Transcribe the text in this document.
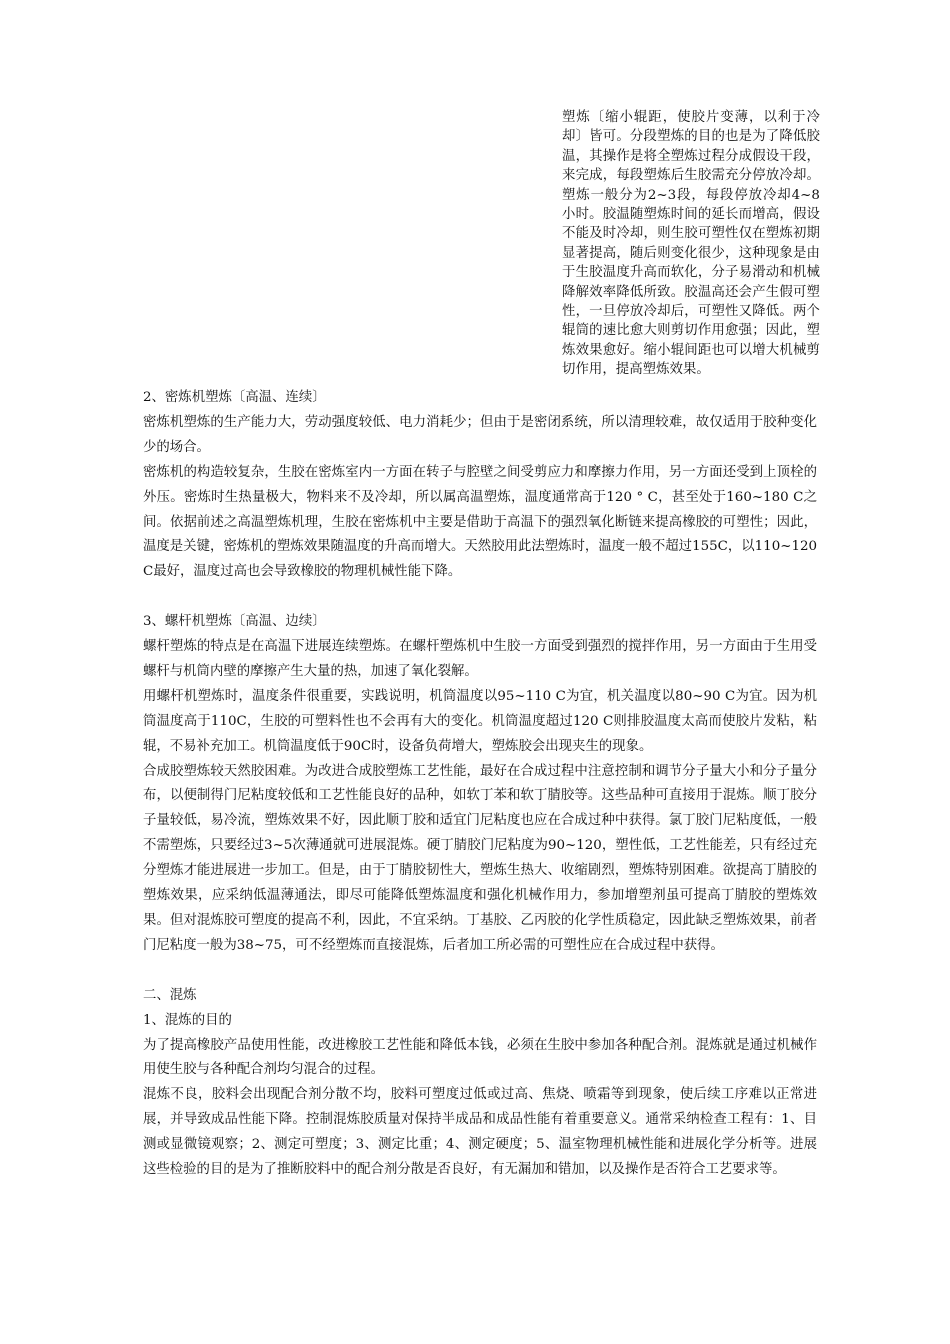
塑炼〔缩小辊距，使胶片变薄，以利于冷却〕皆可。分段塑炼的目的也是为了降低胶温，其操作是将全塑炼过程分成假设干段，来完成，每段塑炼后生胶需充分停放冷却。塑炼一般分为2~3段，每段停放冷却4~8小时。胶温随塑炼时间的延长而增高，假设不能及时冷却，则生胶可塑性仅在塑炼初期显著提高，随后则变化很少，这种现象是由于生胶温度升高而软化，分子易滑动和机械降解效率降低所致。胶温高还会产生假可塑性，一旦停放冷却后，可塑性又降低。两个辊筒的速比愈大则剪切作用愈强；因此，塑炼效果愈好。缩小辊间距也可以增大机械剪切作用，提高塑炼效果。

2、密炼机塑炼〔高温、连续〕

密炼机塑炼的生产能力大，劳动强度较低、电力消耗少；但由于是密闭系统，所以清理较难，故仅适用于胶种变化少的场合。

密炼机的构造较复杂，生胶在密炼室内一方面在转子与腔壁之间受剪应力和摩擦力作用，另一方面还受到上顶栓的外压。密炼时生热量极大，物料来不及冷却，所以属高温塑炼，温度通常高于120 ° C，甚至处于160~180 C之间。依据前述之高温塑炼机理，生胶在密炼机中主要是借助于高温下的强烈氧化断链来提高橡胶的可塑性；因此，温度是关键，密炼机的塑炼效果随温度的升高而增大。天然胶用此法塑炼时，温度一般不超过155C，以110~120 C最好，温度过高也会导致橡胶的物理机械性能下降。

3、螺杆机塑炼〔高温、边续〕

螺杆塑炼的特点是在高温下进展连续塑炼。在螺杆塑炼机中生胶一方面受到强烈的搅拌作用，另一方面由于生用受螺杆与机筒内壁的摩擦产生大量的热，加速了氧化裂解。

用螺杆机塑炼时，温度条件很重要，实践说明，机筒温度以95~110 C为宜，机关温度以80~90 C为宜。因为机筒温度高于110C，生胶的可塑料性也不会再有大的变化。机筒温度超过120 C则排胶温度太高而使胶片发粘，粘辊，不易补充加工。机筒温度低于90C时，设备负荷增大，塑炼胶会出现夹生的现象。

合成胶塑炼较天然胶困难。为改进合成胶塑炼工艺性能，最好在合成过程中注意控制和调节分子量大小和分子量分布，以便制得门尼粘度较低和工艺性能良好的品种，如软丁苯和软丁腈胶等。这些品种可直接用于混炼。顺丁胶分子量较低，易冷流，塑炼效果不好，因此顺丁胶和适宜门尼粘度也应在合成过种中获得。氯丁胶门尼粘度低，一般不需塑炼，只要经过3~5次薄通就可进展混炼。硬丁腈胶门尼粘度为90~120，塑性低，工艺性能差，只有经过充分塑炼才能进展进一步加工。但是，由于丁腈胶韧性大，塑炼生热大、收缩剧烈，塑炼特别困难。欲提高丁腈胶的塑炼效果，应采纳低温薄通法，即尽可能降低塑炼温度和强化机械作用力，参加增塑剂虽可提高丁腈胶的塑炼效果。但对混炼胶可塑度的提高不利，因此，不宜采纳。丁基胶、乙丙胶的化学性质稳定，因此缺乏塑炼效果，前者门尼粘度一般为38~75，可不经塑炼而直接混炼，后者加工所必需的可塑性应在合成过程中获得。

二、混炼
1、混炼的目的

为了提高橡胶产品使用性能，改进橡胶工艺性能和降低本钱，必须在生胶中参加各种配合剂。混炼就是通过机械作用使生胶与各种配合剂均匀混合的过程。

混炼不良，胶料会出现配合剂分散不均，胶料可塑度过低或过高、焦烧、喷霜等到现象，使后续工序难以正常进展，并导致成品性能下降。控制混炼胶质量对保持半成品和成品性能有着重要意义。通常采纳检查工程有：1、目测或显微镜观察；2、测定可塑度；3、测定比重；4、测定硬度；5、温室物理机械性能和进展化学分析等。进展这些检验的目的是为了推断胶料中的配合剂分散是否良好，有无漏加和错加，以及操作是否符合工艺要求等。
